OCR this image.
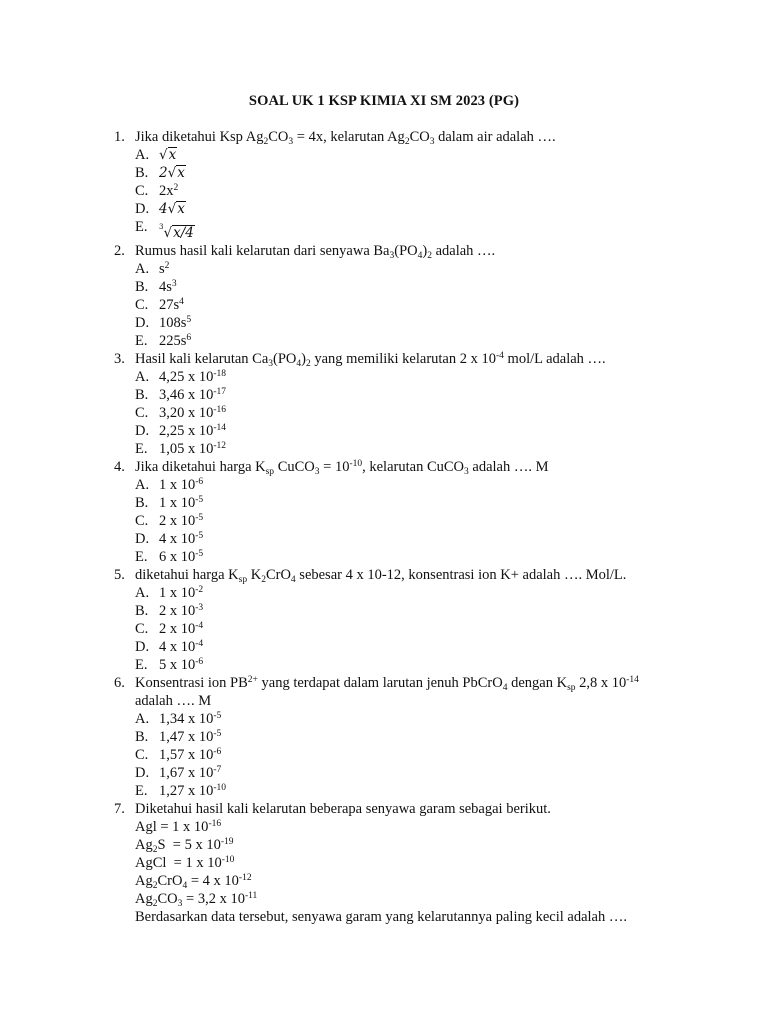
SOAL UK 1 KSP KIMIA XI SM 2023 (PG)
1. Jika diketahui Ksp $Ag_2CO_3 = 4x$, kelarutan $Ag_2CO_3$ dalam air adalah ….
A. √x
B. 2√x
C. $2x^2$
D. 4√x
E. $^3$√x/4
2. Rumus hasil kali kelarutan dari senyawa $Ba_3(PO_4)_2$ adalah ….
A. $s^2$
B. $4s^3$
C. $27s^4$
D. $108s^5$
E. $225s^6$
3. Hasil kali kelarutan $Ca_3(PO_4)_2$ yang memiliki kelarutan 2 x $10^{-4}$ mol/L adalah ….
A. 4,25 x $10^{-18}$
B. 3,46 x $10^{-17}$
C. 3,20 x $10^{-16}$
D. 2,25 x $10^{-14}$
E. 1,05 x $10^{-12}$
4. Jika diketahui harga $K_{sp}$ CuCO$_3$ = $10^{-10}$, kelarutan CuCO$_3$ adalah …. M
A. 1 x $10^{-6}$
B. 1 x $10^{-5}$
C. 2 x $10^{-5}$
D. 4 x $10^{-5}$
E. 6 x $10^{-5}$
5. diketahui harga $K_{sp}$ $K_2CrO_4$ sebesar 4 x 10-12, konsentrasi ion K+ adalah …. Mol/L.
A. 1 x $10^{-2}$
B. 2 x $10^{-3}$
C. 2 x $10^{-4}$
D. 4 x $10^{-4}$
E. 5 x $10^{-6}$
6. Konsentrasi ion $PB^{2+}$ yang terdapat dalam larutan jenuh PbCrO$_4$ dengan $K_{sp}$ 2,8 x $10^{-14}$
adalah …. M
A. 1,34 x $10^{-5}$
B. 1,47 x $10^{-5}$
C. 1,57 x $10^{-6}$
D. 1,67 x $10^{-7}$
E. 1,27 x $10^{-10}$
7. Diketahui hasil kali kelarutan beberapa senyawa garam sebagai berikut.
Agl = 1 x $10^{-16}$
$Ag_2S = 5$ x $10^{-19}$
AgCl  = 1 x $10^{-10}$
$Ag_2CrO_4 = 4$ x $10^{-12}$
$Ag_2CO_3 = 3,2$ x $10^{-11}$
Berdasarkan data tersebut, senyawa garam yang kelarutannya paling kecil adalah ….
